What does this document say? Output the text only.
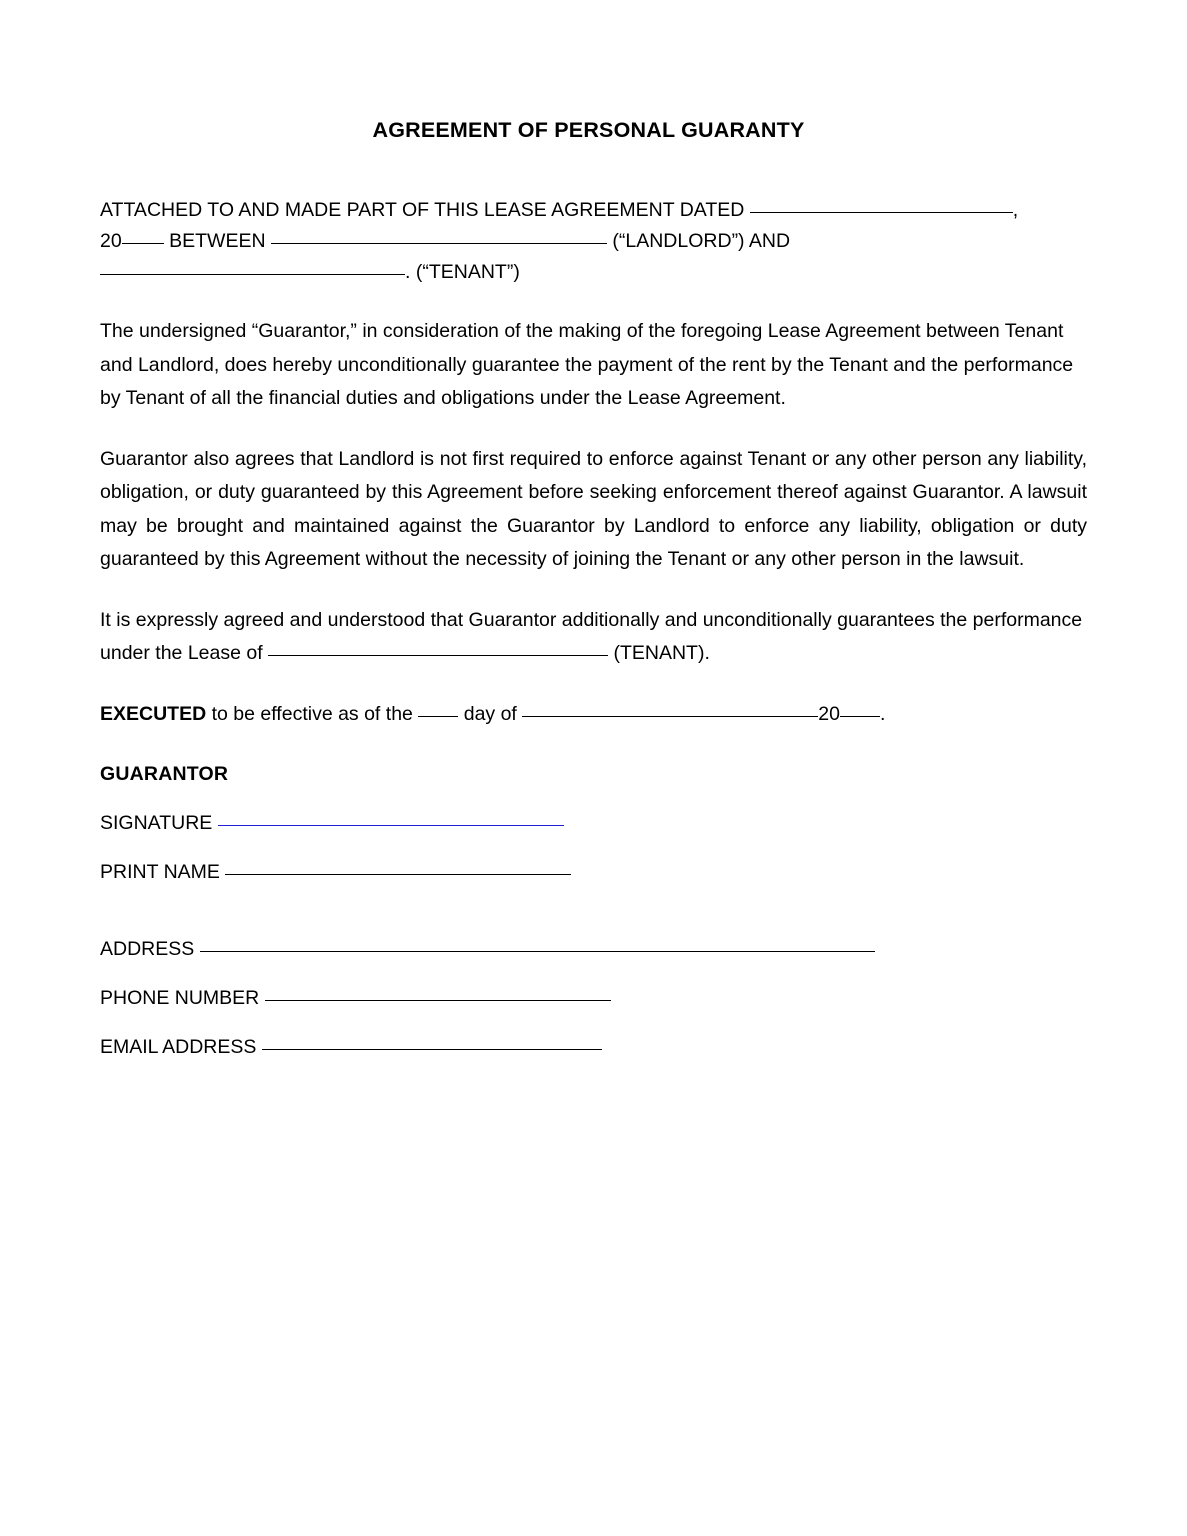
AGREEMENT OF PERSONAL GUARANTY
ATTACHED TO AND MADE PART OF THIS LEASE AGREEMENT DATED	,
20 BETWEEN	(“LANDLORD”) AND
. (“TENANT”)

The undersigned “Guarantor,” in consideration of the making of the foregoing Lease Agreement between Tenant and Landlord, does hereby unconditionally guarantee the payment of the rent by the Tenant and the performance by Tenant of all the financial duties and obligations under the Lease Agreement.

Guarantor also agrees that Landlord is not first required to enforce against Tenant or any other person any liability, obligation, or duty guaranteed by this Agreement before seeking enforcement thereof against Guarantor. A lawsuit may be brought and maintained against the Guarantor by Landlord to enforce any liability, obligation or duty guaranteed by this Agreement without the necessity of joining the Tenant or any other person in the lawsuit.

It is expressly agreed and understood that Guarantor additionally and unconditionally guarantees the performance under the Lease of	(TENANT).

EXECUTED to be effective as of the  day of	20 .

GUARANTOR
SIGNATURE
PRINT NAME
ADDRESS
PHONE NUMBER
EMAIL ADDRESS
